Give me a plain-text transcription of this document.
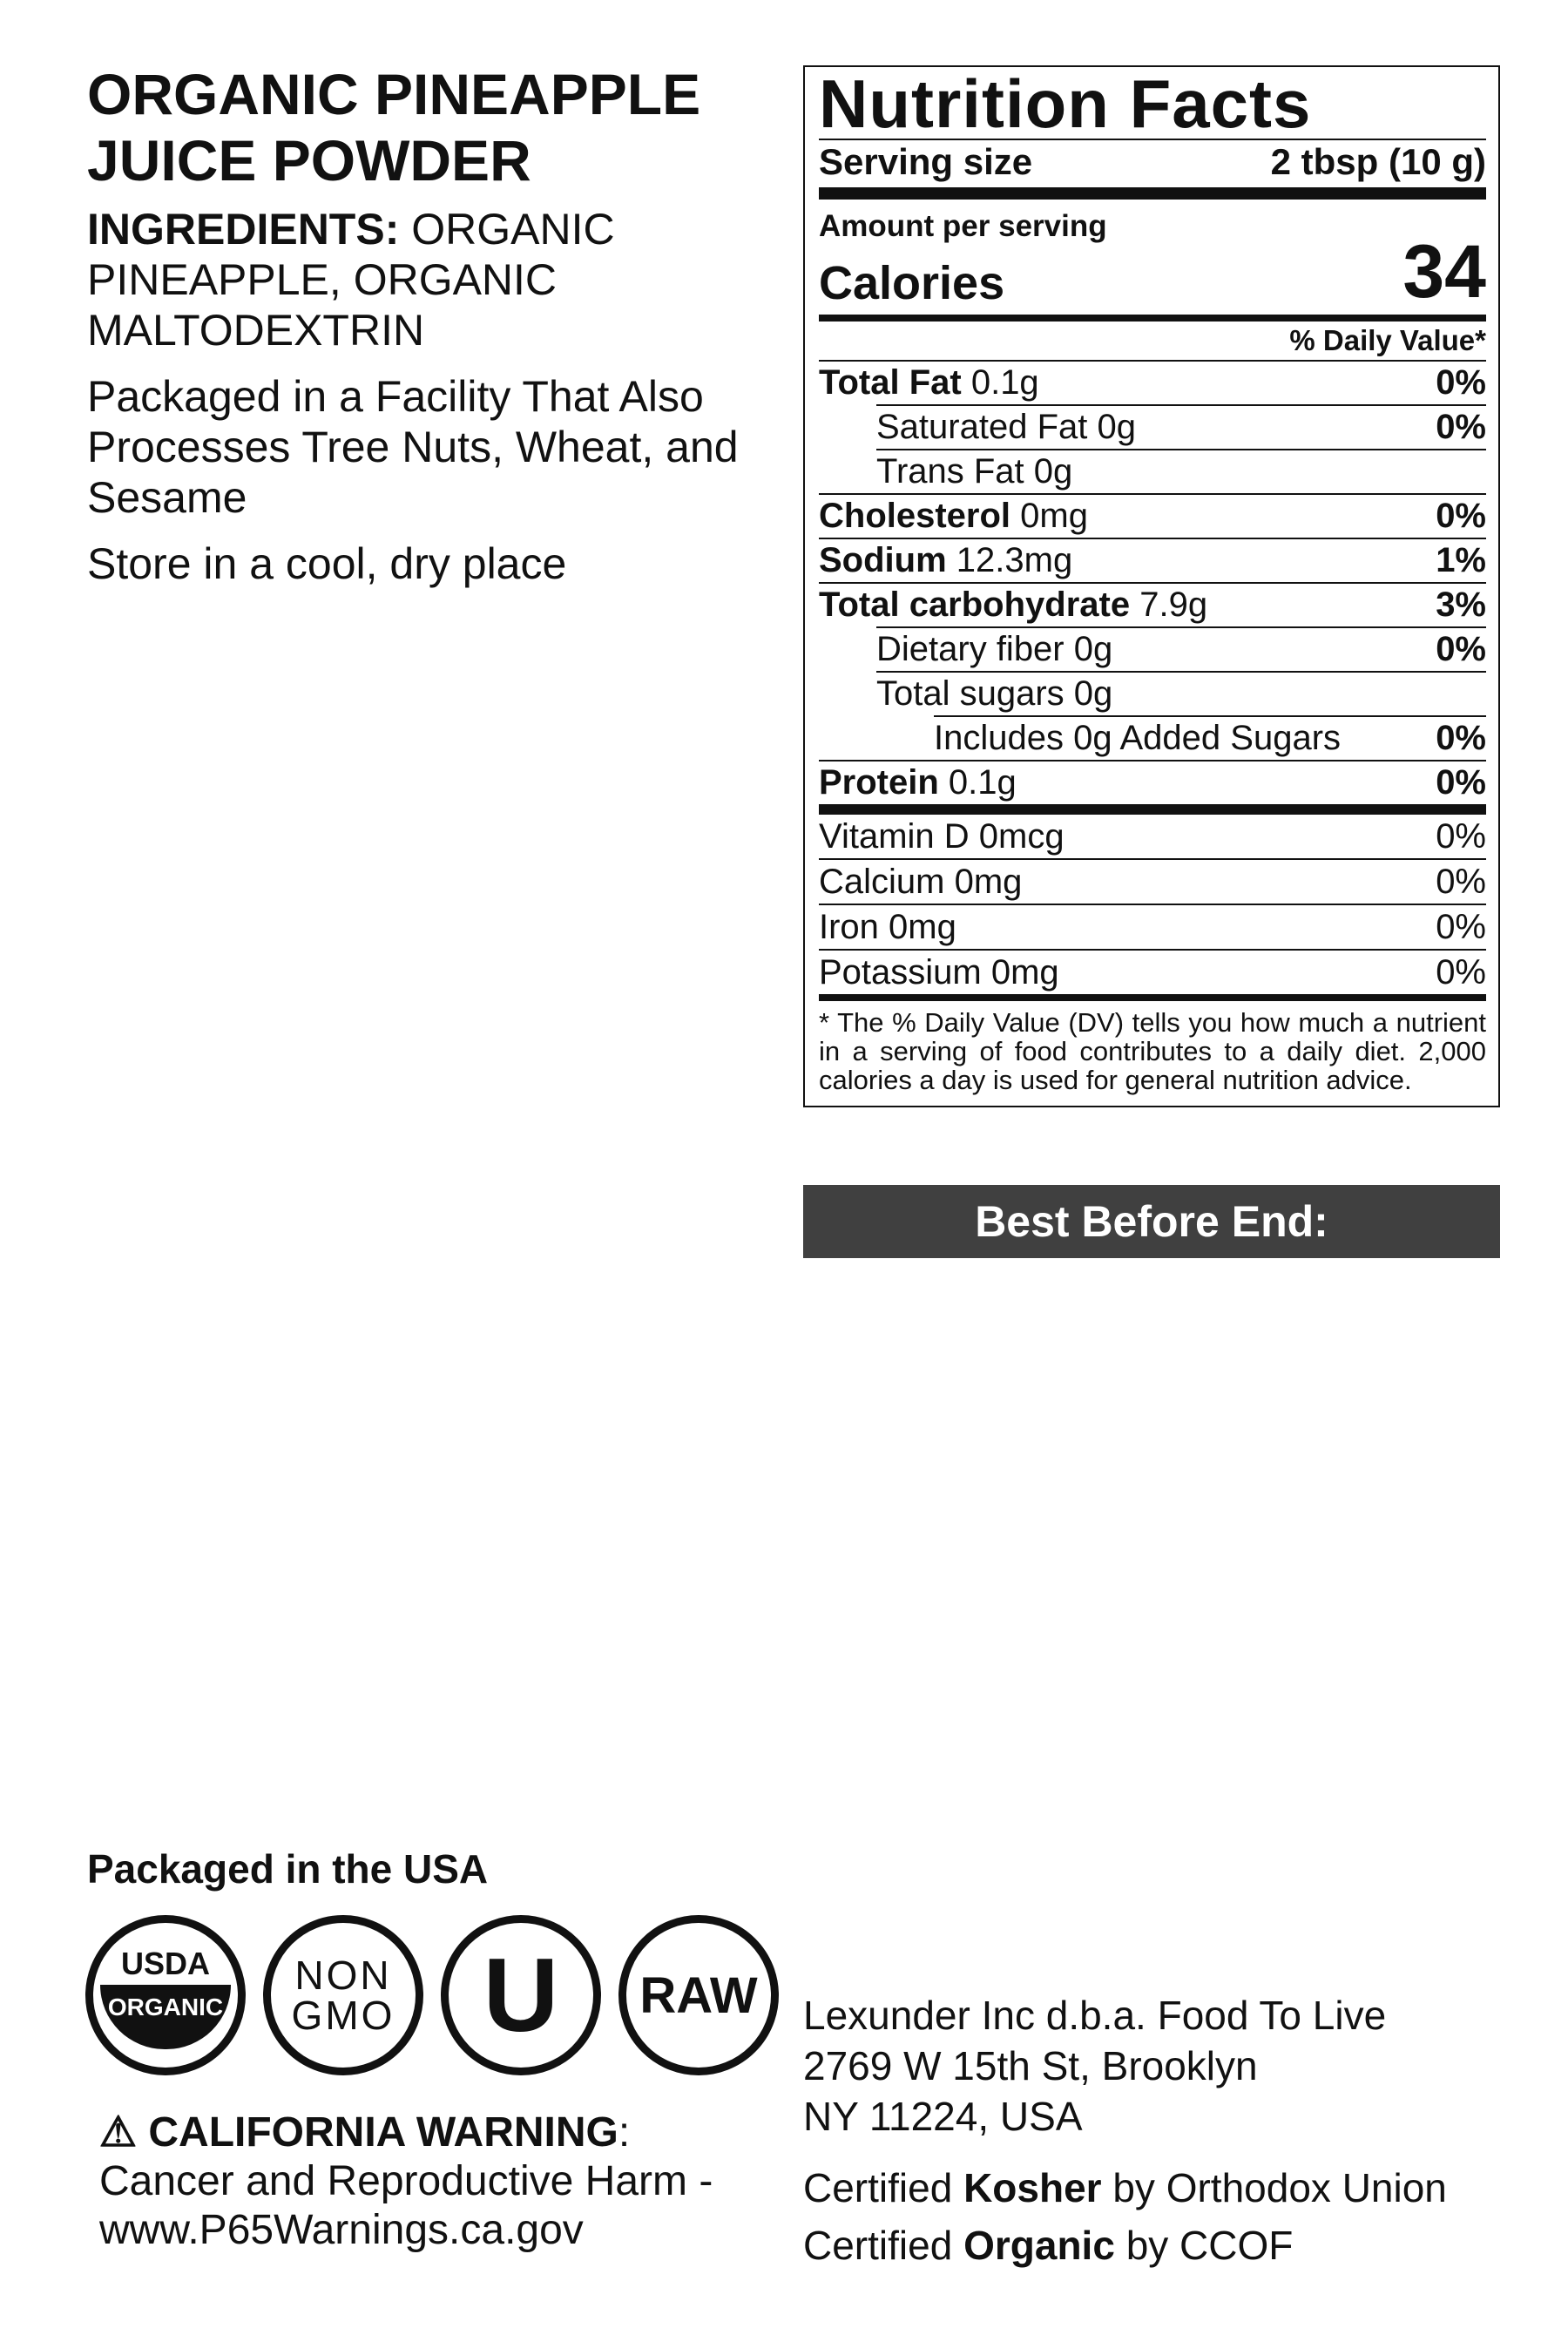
ORGANIC PINEAPPLE
JUICE POWDER
INGREDIENTS: ORGANIC PINEAPPLE, ORGANIC MALTODEXTRIN
Packaged in a Facility That Also Processes Tree Nuts, Wheat, and Sesame
Store in a cool, dry place
Nutrition Facts
Serving size	2 tbsp (10 g)
Amount per serving
Calories	34
% Daily Value*
Total Fat 0.1g	0%
Saturated Fat 0g	0%
Trans Fat 0g
Cholesterol 0mg	0%
Sodium 12.3mg	1%
Total carbohydrate 7.9g	3%
Dietary fiber 0g	0%
Total sugars 0g
Includes 0g Added Sugars	0%
Protein 0.1g	0%
Vitamin D 0mcg	0%
Calcium 0mg	0%
Iron 0mg	0%
Potassium 0mg	0%
* The % Daily Value (DV) tells you how much a nutrient in a serving of food contributes to a daily diet. 2,000 calories a day is used for general nutrition advice.
Best Before End:
Packaged in the USA
USDA
ORGANIC
NON
GMO U RAW
⚠ CALIFORNIA WARNING:
Cancer and Reproductive Harm -
www.P65Warnings.ca.gov
Lexunder Inc d.b.a. Food To Live
2769 W 15th St, Brooklyn
NY 11224, USA
Certified Kosher by Orthodox Union
Certified Organic by CCOF
